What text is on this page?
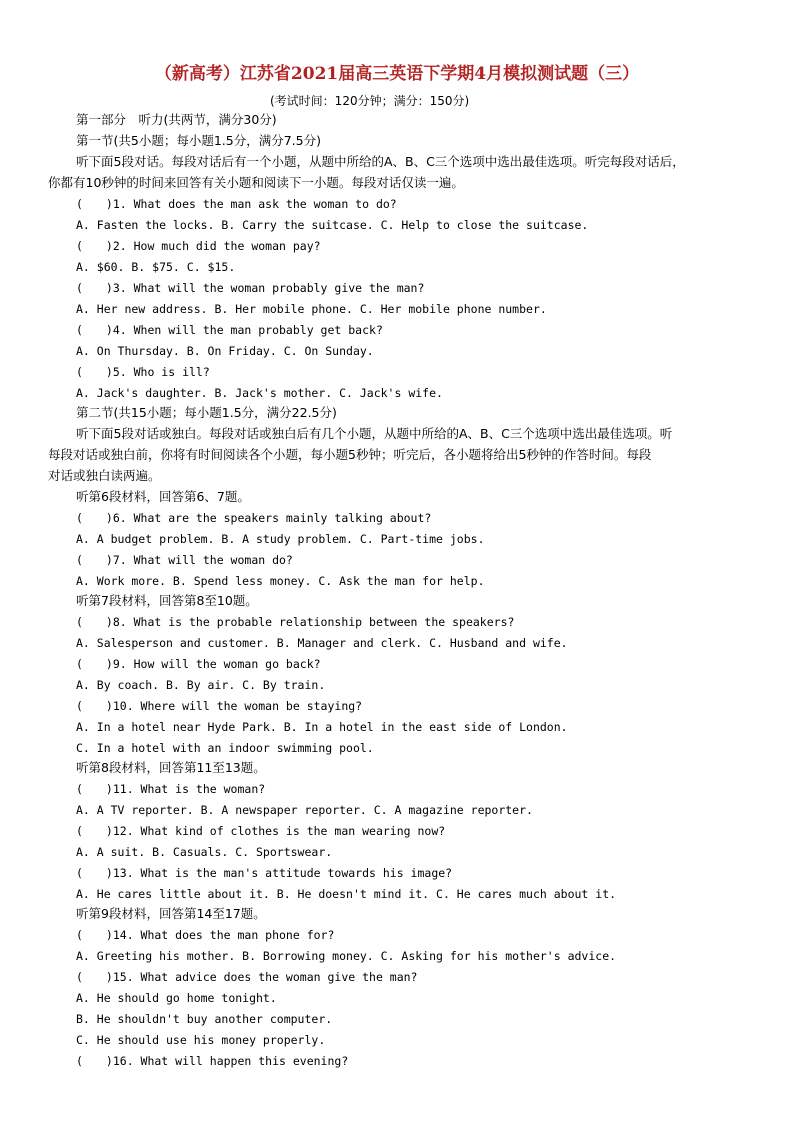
（新高考）江苏省2021届高三英语下学期4月模拟测试题（三）
(考试时间：120分钟；满分：150分)
第一部分　听力(共两节，满分30分)
第一节(共5小题；每小题1.5分，满分7.5分)
听下面5段对话。每段对话后有一个小题，从题中所给的A、B、C三个选项中选出最佳选项。听完每段对话后，
你都有10秒钟的时间来回答有关小题和阅读下一小题。每段对话仅读一遍。
(　　)1. What does the man ask the woman to do?
A. Fasten the locks. B. Carry the suitcase. C. Help to close the suitcase.
(　　)2. How much did the woman pay?
A. $60. B. $75. C. $15.
(　　)3. What will the woman probably give the man?
A. Her new address. B. Her mobile phone. C. Her mobile phone number.
(　　)4. When will the man probably get back?
A. On Thursday. B. On Friday. C. On Sunday.
(　　)5. Who is ill?
A. Jack's daughter. B. Jack's mother. C. Jack's wife.
第二节(共15小题；每小题1.5分，满分22.5分)
听下面5段对话或独白。每段对话或独白后有几个小题，从题中所给的A、B、C三个选项中选出最佳选项。听
每段对话或独白前，你将有时间阅读各个小题，每小题5秒钟；听完后，各小题将给出5秒钟的作答时间。每段
对话或独白读两遍。
听第6段材料，回答第6、7题。
(　　)6. What are the speakers mainly talking about?
A. A budget problem. B. A study problem. C. Part-time jobs.
(　　)7. What will the woman do?
A. Work more. B. Spend less money. C. Ask the man for help.
听第7段材料，回答第8至10题。
(　　)8. What is the probable relationship between the speakers?
A. Salesperson and customer. B. Manager and clerk. C. Husband and wife.
(　　)9. How will the woman go back?
A. By coach. B. By air. C. By train.
(　　)10. Where will the woman be staying?
A. In a hotel near Hyde Park. B. In a hotel in the east side of London.
C. In a hotel with an indoor swimming pool.
听第8段材料，回答第11至13题。
(　　)11. What is the woman?
A. A TV reporter. B. A newspaper reporter. C. A magazine reporter.
(　　)12. What kind of clothes is the man wearing now?
A. A suit. B. Casuals. C. Sportswear.
(　　)13. What is the man's attitude towards his image?
A. He cares little about it. B. He doesn't mind it. C. He cares much about it.
听第9段材料，回答第14至17题。
(　　)14. What does the man phone for?
A. Greeting his mother. B. Borrowing money. C. Asking for his mother's advice.
(　　)15. What advice does the woman give the man?
A. He should go home tonight.
B. He shouldn't buy another computer.
C. He should use his money properly.
(　　)16. What will happen this evening?
